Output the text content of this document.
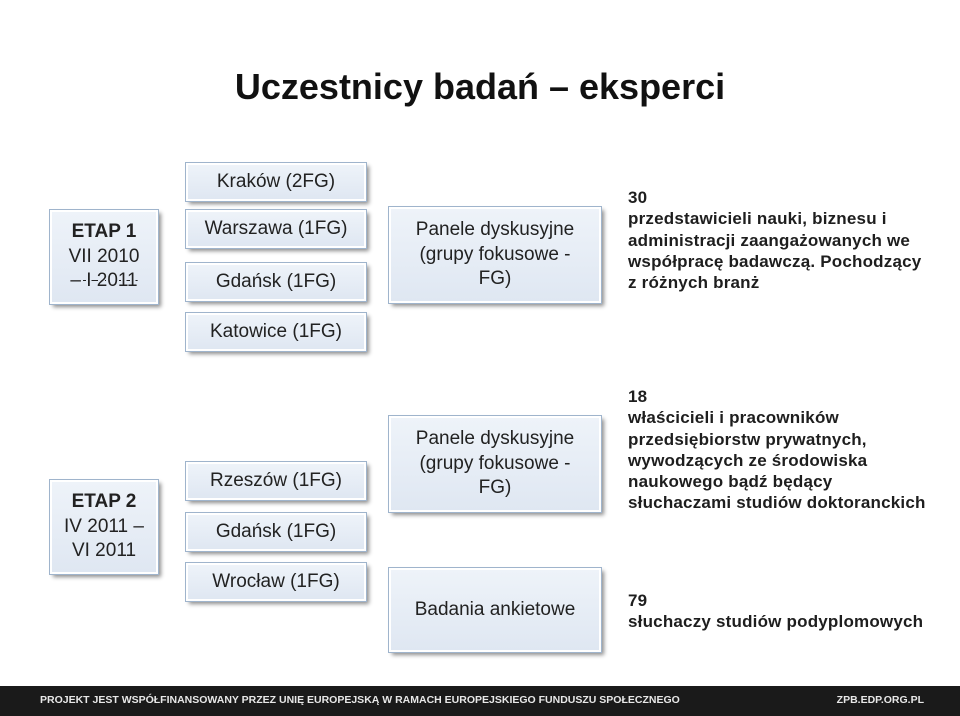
Uczestnicy badań – eksperci
ETAP 1
VII 2010
– I 2011
Kraków (2FG)
Warszawa (1FG)
Gdańsk (1FG)
Katowice (1FG)
Panele dyskusyjne (grupy fokusowe - FG)
30
przedstawicieli nauki, biznesu i administracji zaangażowanych we współpracę badawczą. Pochodzący z różnych branż
ETAP 2
IV 2011 –
VI 2011
Rzeszów (1FG)
Gdańsk (1FG)
Wrocław (1FG)
Panele dyskusyjne (grupy fokusowe - FG)
Badania ankietowe
18
właścicieli i pracowników przedsiębiorstw prywatnych, wywodzących ze środowiska naukowego bądź będący słuchaczami studiów doktoranckich
79
słuchaczy studiów podyplomowych
PROJEKT JEST WSPÓŁFINANSOWANY PRZEZ UNIĘ EUROPEJSKĄ W RAMACH EUROPEJSKIEGO FUNDUSZU SPOŁECZNEGO	ZPB.EDP.ORG.PL
